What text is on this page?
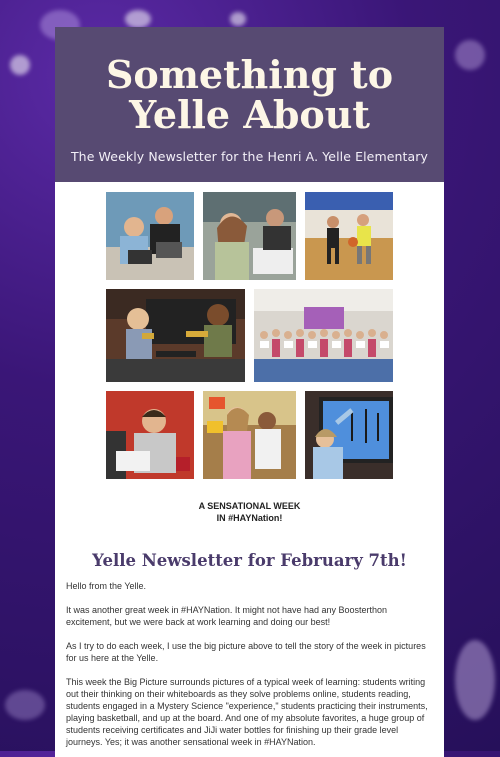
Something to
Yelle About
The Weekly Newsletter for the Henri A. Yelle Elementary
A SENSATIONAL WEEK
IN #HAYNation!
Yelle Newsletter for February 7th!

Hello from the Yelle.

It was another great week in #HAYNation. It might not have had any Boosterthon excitement, but we were back at work learning and doing our best!

As I try to do each week, I use the big picture above to tell the story of the week in pictures for us here at the Yelle.

This week the Big Picture surrounds pictures of a typical week of learning: students writing out their thinking on their whiteboards as they solve problems online, students reading, students engaged in a Mystery Science "experience," students practicing their instruments, playing basketball, and up at the board. And one of my absolute favorites, a huge group of students receiving certificates and JiJi water bottles for finishing up their grade level journeys. Yes; it was another sensational week in #HAYNation.
